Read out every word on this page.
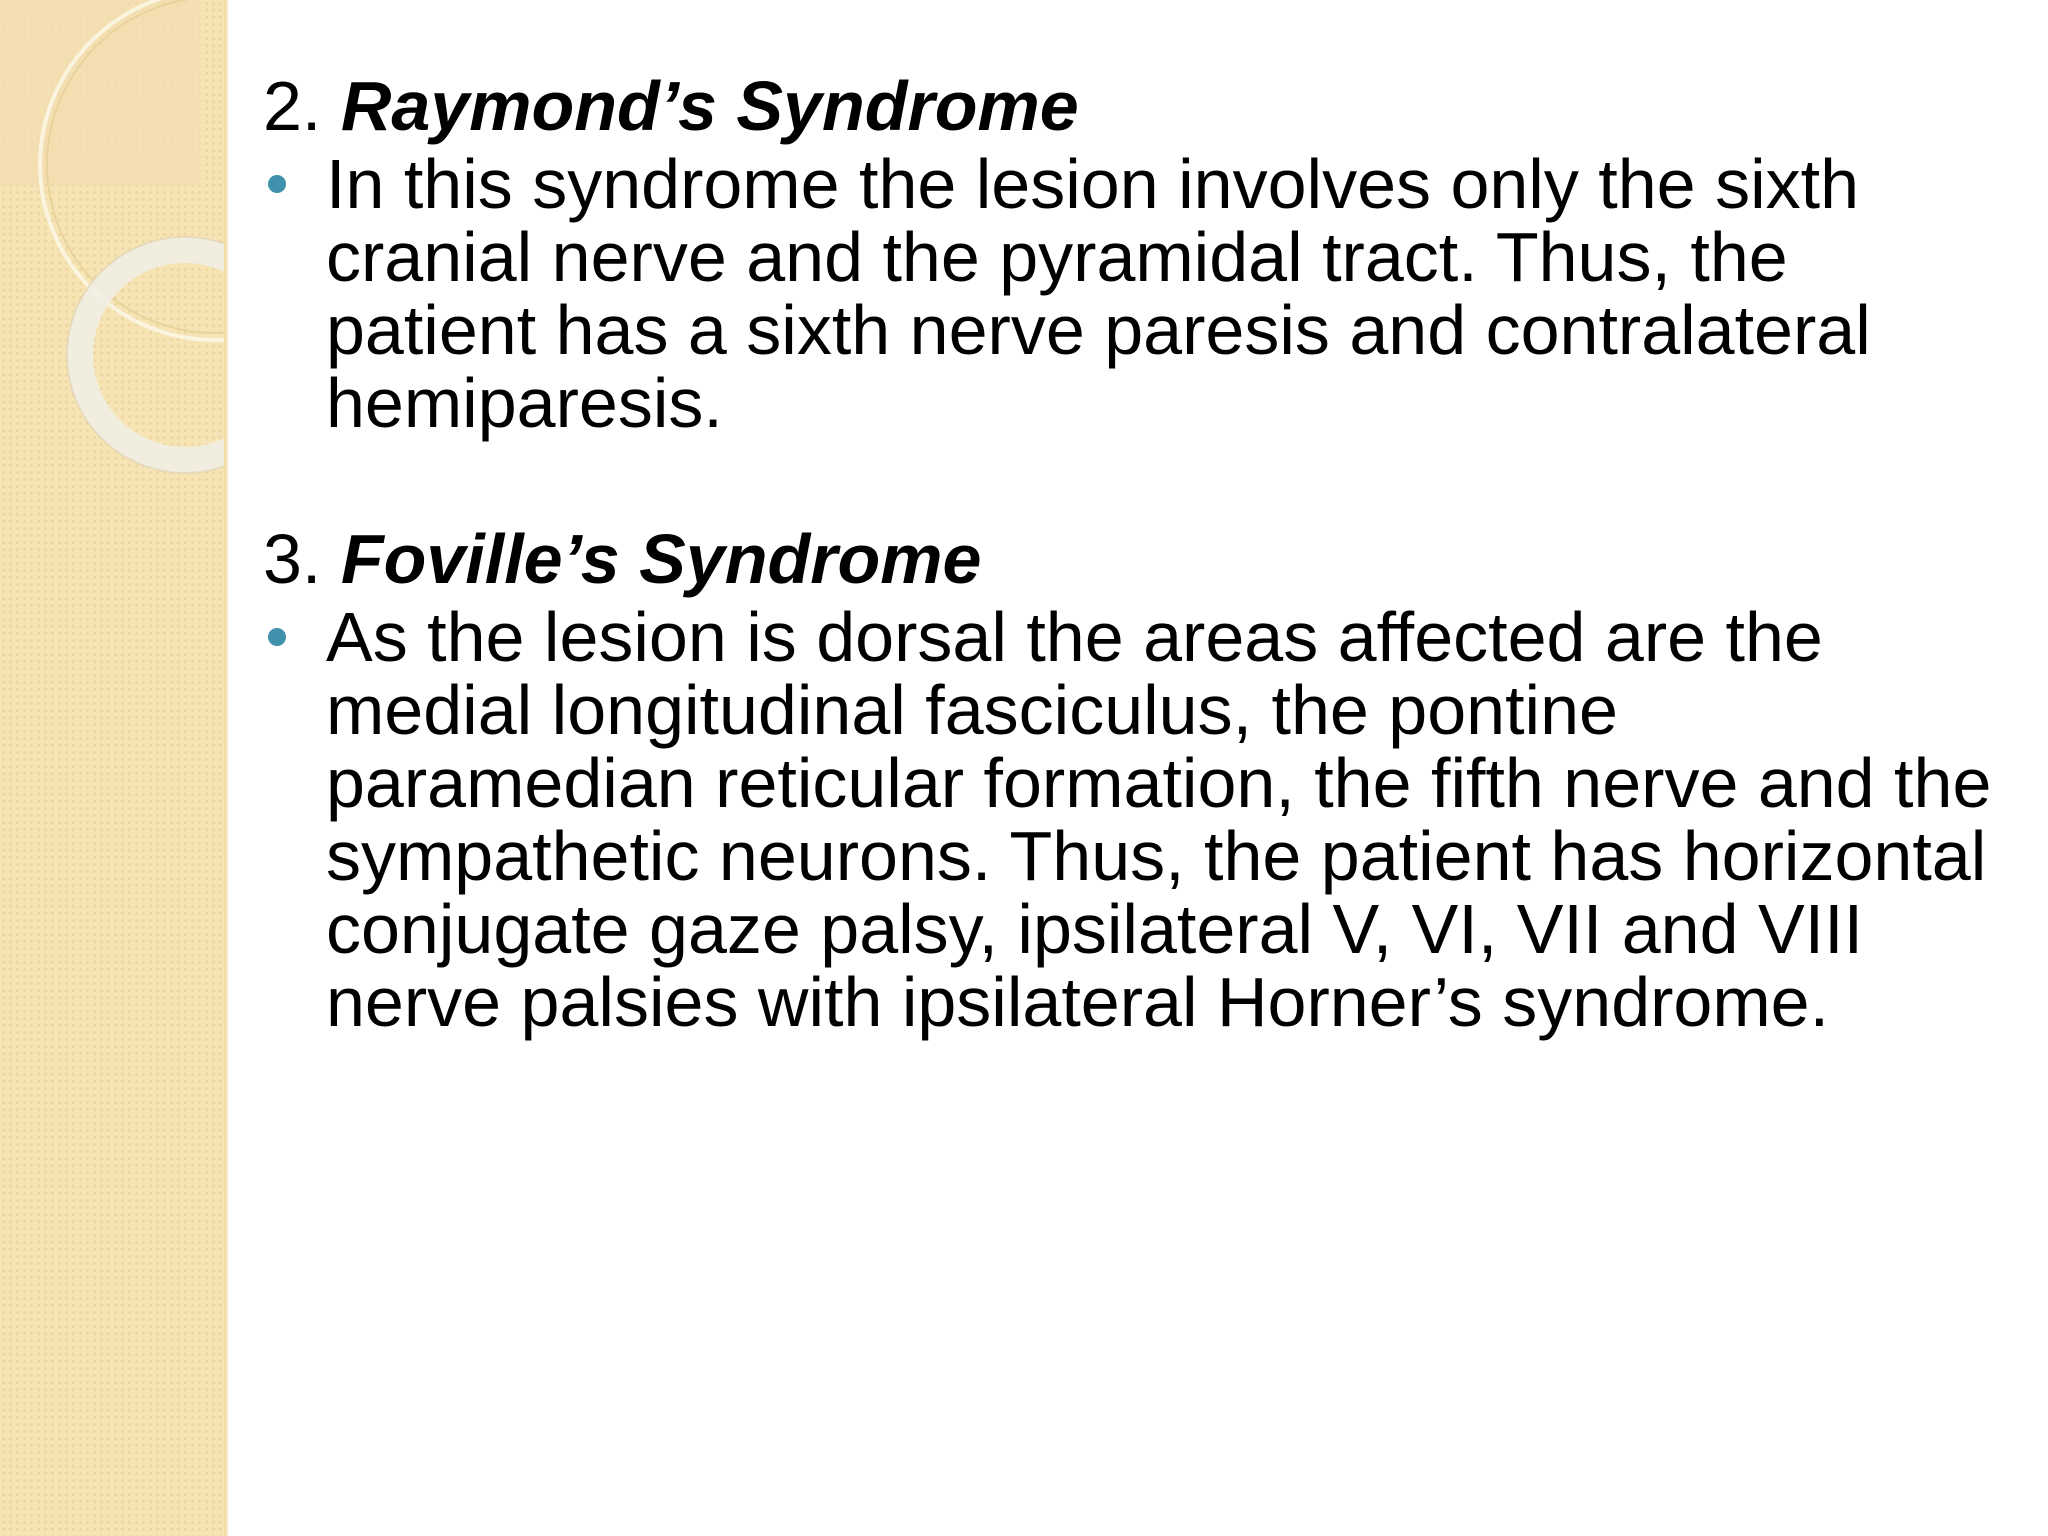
2. Raymond’s Syndrome

In this syndrome the lesion involves only the sixth cranial nerve and the pyramidal tract. Thus, the patient has a sixth nerve paresis and contralateral hemiparesis.

3. Foville’s Syndrome

As the lesion is dorsal the areas affected are the medial longitudinal fasciculus, the pontine paramedian reticular formation, the fifth nerve and the sympathetic neurons. Thus, the patient has horizontal conjugate gaze palsy, ipsilateral V, VI, VII and VIII nerve palsies with ipsilateral Horner’s syndrome.
